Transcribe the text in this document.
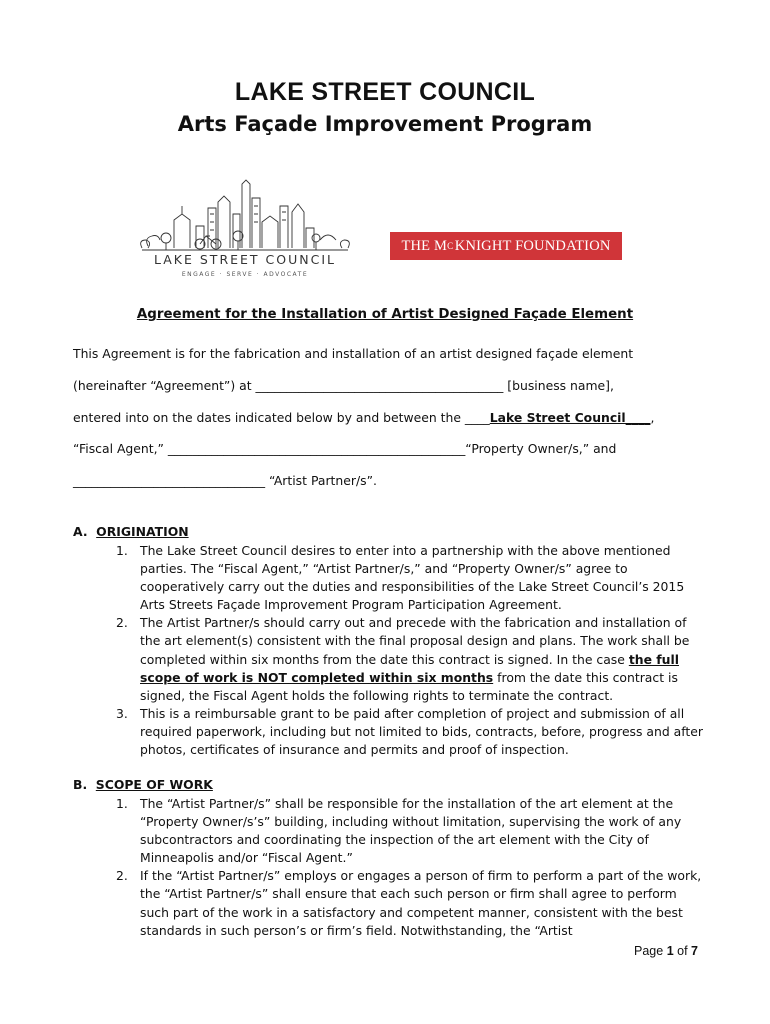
LAKE STREET COUNCIL
Arts Façade Improvement Program
LAKE STREET COUNCIL
ENGAGE · SERVE · ADVOCATE
THE M C
  KNIGHT FOUNDATION
Agreement for the Installation of Artist Designed Façade Element
This Agreement is for the fabrication and installation of an artist designed façade element
(hereinafter “Agreement”) at ________________________________________ [business name],
entered into on the dates indicated below by and between the ____Lake Street Council____,
“Fiscal Agent,” ________________________________________________“Property Owner/s,” and
_______________________________ “Artist Partner/s”.
A. ORIGINATION
1. The Lake Street Council desires to enter into a partnership with the above mentioned parties. The “Fiscal Agent,” “Artist Partner/s,” and “Property Owner/s” agree to cooperatively carry out the duties and responsibilities of the Lake Street Council’s 2015 Arts Streets Façade Improvement Program Participation Agreement.
2. The Artist Partner/s should carry out and precede with the fabrication and installation of the art element(s) consistent with the final proposal design and plans. The work shall be completed within six months from the date this contract is signed. In the case the full scope of work is NOT completed within six months from the date this contract is signed, the Fiscal Agent holds the following rights to terminate the contract.
3. This is a reimbursable grant to be paid after completion of project and submission of all required paperwork, including but not limited to bids, contracts, before, progress and after photos, certificates of insurance and permits and proof of inspection.
B. SCOPE OF WORK
1. The “Artist Partner/s” shall be responsible for the installation of the art element at the “Property Owner/s’s” building, including without limitation, supervising the work of any subcontractors and coordinating the inspection of the art element with the City of Minneapolis and/or “Fiscal Agent.”
2. If the “Artist Partner/s” employs or engages a person of firm to perform a part of the work, the “Artist Partner/s” shall ensure that each such person or firm shall agree to perform such part of the work in a satisfactory and competent manner, consistent with the best standards in such person’s or firm’s field. Notwithstanding, the “Artist
Page 1 of 7
